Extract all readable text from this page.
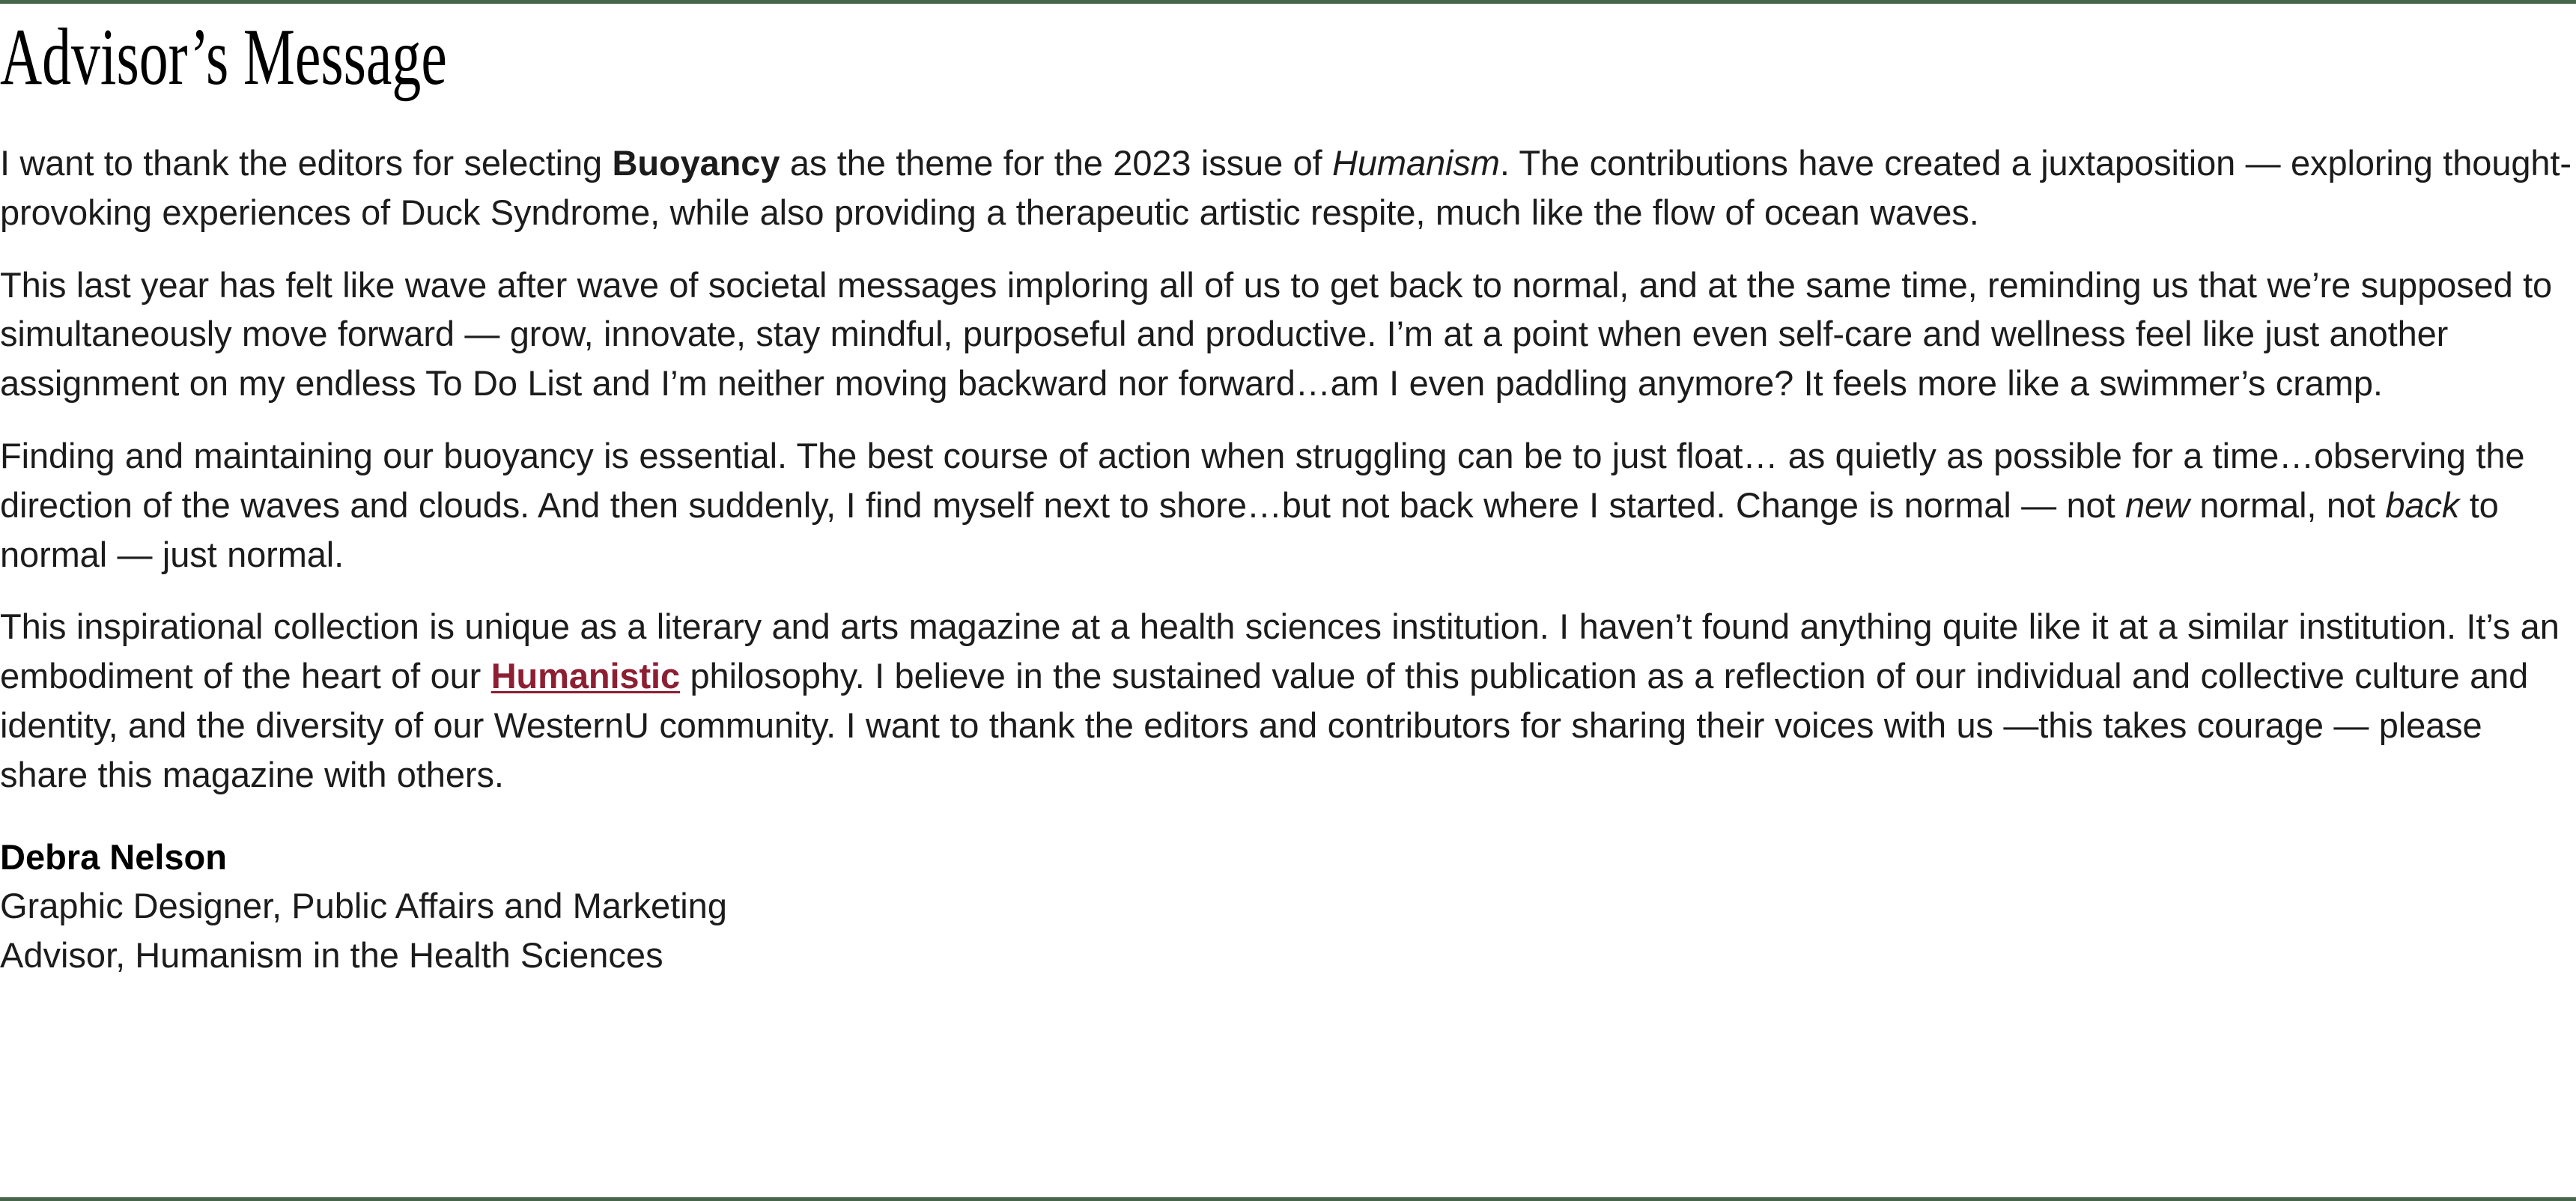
Advisor’s Message

I want to thank the editors for selecting Buoyancy as the theme for the 2023 issue of Humanism. The contributions have created a juxtaposition — exploring thought-provoking experiences of Duck Syndrome, while also providing a therapeutic artistic respite, much like the flow of ocean waves.

This last year has felt like wave after wave of societal messages imploring all of us to get back to normal, and at the same time, reminding us that we’re supposed to simultaneously move forward — grow, innovate, stay mindful, purposeful and productive. I’m at a point when even self-care and wellness feel like just another assignment on my endless To Do List and I’m neither moving backward nor forward…am I even paddling anymore? It feels more like a swimmer’s cramp.

Finding and maintaining our buoyancy is essential. The best course of action when struggling can be to just float… as quietly as possible for a time…observing the direction of the waves and clouds. And then suddenly, I find myself next to shore…but not back where I started. Change is normal — not new normal, not back to normal — just normal.

This inspirational collection is unique as a literary and arts magazine at a health sciences institution. I haven’t found anything quite like it at a similar institution. It’s an embodiment of the heart of our Humanistic philosophy. I believe in the sustained value of this publication as a reflection of our individual and collective culture and identity, and the diversity of our WesternU community. I want to thank the editors and contributors for sharing their voices with us —this takes courage — please share this magazine with others.

Debra Nelson
Graphic Designer, Public Affairs and Marketing
Advisor, Humanism in the Health Sciences
